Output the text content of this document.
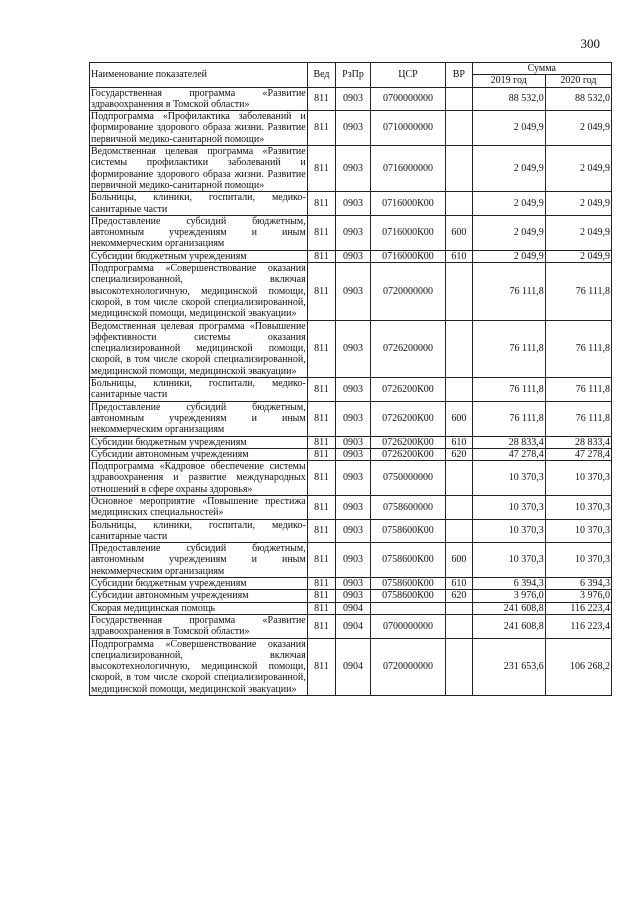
300
Наименование показателей	Вед	РзПр	ЦСР	ВР	Сумма	
					2019 год	2020 год
Государственная программа «Развитие здравоохранения в Томской области»	811	0903	0700000000		88 532,0	88 532,0
Подпрограмма «Профилактика заболеваний и формирование здорового образа жизни. Развитие первичной медико-санитарной помощи»	811	0903	0710000000		2 049,9	2 049,9
Ведомственная целевая программа «Развитие системы профилактики заболеваний и формирование здорового образа жизни. Развитие первичной медико-санитарной помощи»	811	0903	0716000000		2 049,9	2 049,9
Больницы, клиники, госпитали, медико-санитарные части	811	0903	0716000К00		2 049,9	2 049,9
Предоставление субсидий бюджетным, автономным учреждениям и иным некоммерческим организациям	811	0903	0716000К00	600	2 049,9	2 049,9
Субсидии бюджетным учреждениям	811	0903	0716000К00	610	2 049,9	2 049,9
Подпрограмма «Совершенствование оказания специализированной, включая высокотехнологичную, медицинской помощи, скорой, в том числе скорой специализированной, медицинской помощи, медицинской эвакуации»	811	0903	0720000000		76 111,8	76 111,8
Ведомственная целевая программа «Повышение эффективности системы оказания специализированной медицинской помощи, скорой, в том числе скорой специализированной, медицинской помощи, медицинской эвакуации»	811	0903	0726200000		76 111,8	76 111,8
Больницы, клиники, госпитали, медико-санитарные части	811	0903	0726200К00		76 111,8	76 111,8
Предоставление субсидий бюджетным, автономным учреждениям и иным некоммерческим организациям	811	0903	0726200К00	600	76 111,8	76 111,8
Субсидии бюджетным учреждениям	811	0903	0726200К00	610	28 833,4	28 833,4
Субсидии автономным учреждениям	811	0903	0726200К00	620	47 278,4	47 278,4
Подпрограмма «Кадровое обеспечение системы здравоохранения и развитие международных отношений в сфере охраны здоровья»	811	0903	0750000000		10 370,3	10 370,3
Основное мероприятие «Повышение престижа медицинских специальностей»	811	0903	0758600000		10 370,3	10 370,3
Больницы, клиники, госпитали, медико-санитарные части	811	0903	0758600К00		10 370,3	10 370,3
Предоставление субсидий бюджетным, автономным учреждениям и иным некоммерческим организациям	811	0903	0758600К00	600	10 370,3	10 370,3
Субсидии бюджетным учреждениям	811	0903	0758600К00	610	6 394,3	6 394,3
Субсидии автономным учреждениям	811	0903	0758600К00	620	3 976,0	3 976,0
Скорая медицинская помощь	811	0904			241 608,8	116 223,4
Государственная программа «Развитие здравоохранения в Томской области»	811	0904	0700000000		241 608,8	116 223,4
Подпрограмма «Совершенствование оказания специализированной, включая высокотехнологичную, медицинской помощи, скорой, в том числе скорой специализированной, медицинской помощи, медицинской эвакуации»	811	0904	0720000000		231 653,6	106 268,2
